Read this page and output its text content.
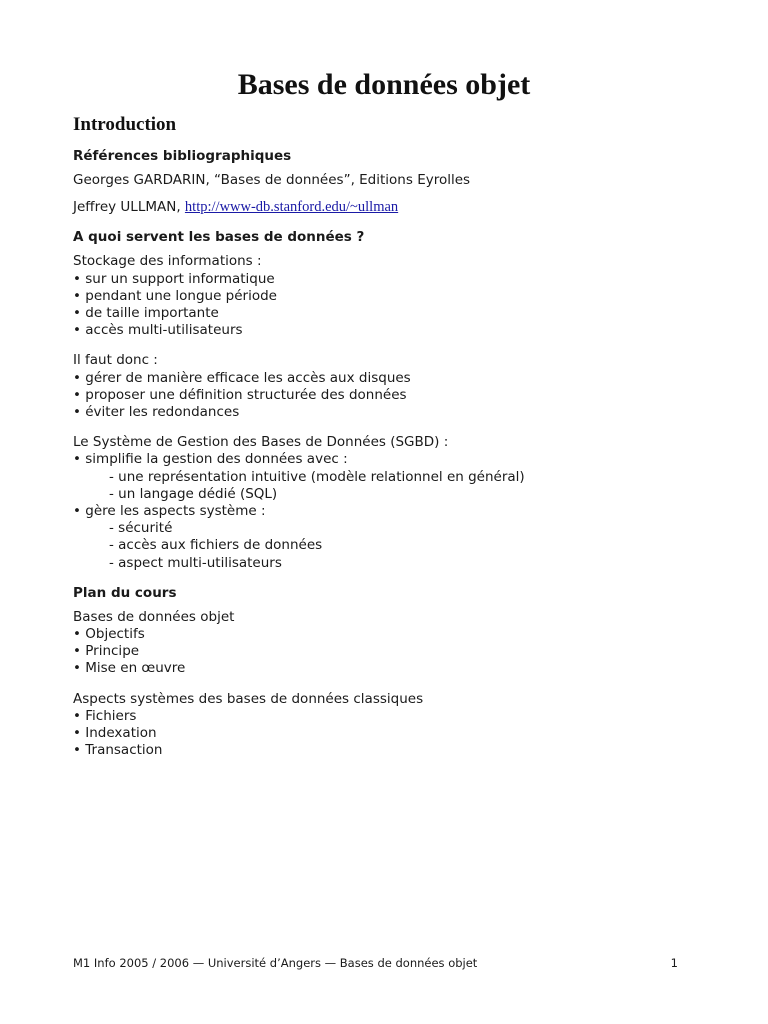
Bases de données objet
Introduction
Références bibliographiques
Georges GARDARIN, “Bases de données”, Editions Eyrolles
Jeffrey ULLMAN, http://www-db.stanford.edu/~ullman
A quoi servent les bases de données ?
Stockage des informations :
• sur un support informatique
• pendant une longue période
• de taille importante
• accès multi-utilisateurs
Il faut donc :
• gérer de manière efficace les accès aux disques
• proposer une définition structurée des données
• éviter les redondances
Le Système de Gestion des Bases de Données (SGBD) :
• simplifie la gestion des données avec :
- une représentation intuitive (modèle relationnel en général)
- un langage dédié (SQL)
• gère les aspects système :
- sécurité
- accès aux fichiers de données
- aspect multi-utilisateurs
Plan du cours
Bases de données objet
• Objectifs
• Principe
• Mise en œuvre
Aspects systèmes des bases de données classiques
• Fichiers
• Indexation
• Transaction
M1 Info 2005 / 2006 — Université d’Angers — Bases de données objet	1
